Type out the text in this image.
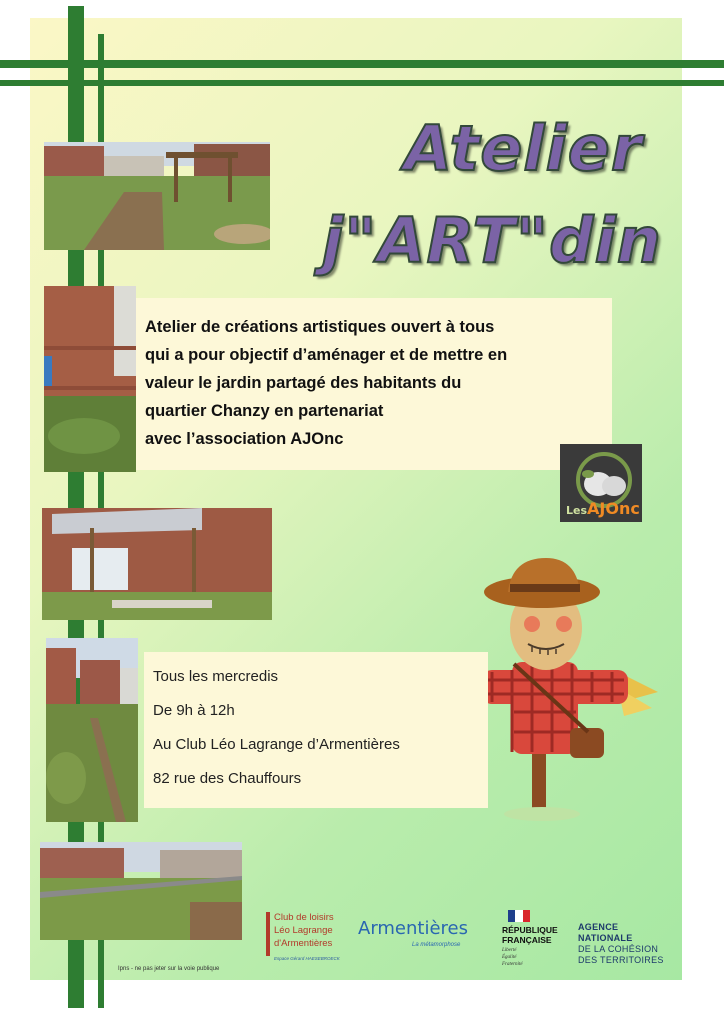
Atelier
j"ART"din
Atelier de créations artistiques ouvert à tous
qui a pour objectif d’aménager et de mettre en
valeur le jardin partagé des habitants du
quartier Chanzy en partenariat
avec l’association AJOnc
LesAJOnc
Tous les mercredis
De 9h à 12h
Au Club Léo Lagrange d’Armentières
82 rue des Chauffours
Ipns - ne pas jeter sur la voie publique
Club de loisirs
Léo Lagrange
d'Armentières
Espace Gérard HAESEBROECK
Armentières
La métamorphose
RÉPUBLIQUE
FRANÇAISE
Liberté
Égalité
Fraternité
AGENCE
NATIONALE
DE LA COHÉSION
DES TERRITOIRES
